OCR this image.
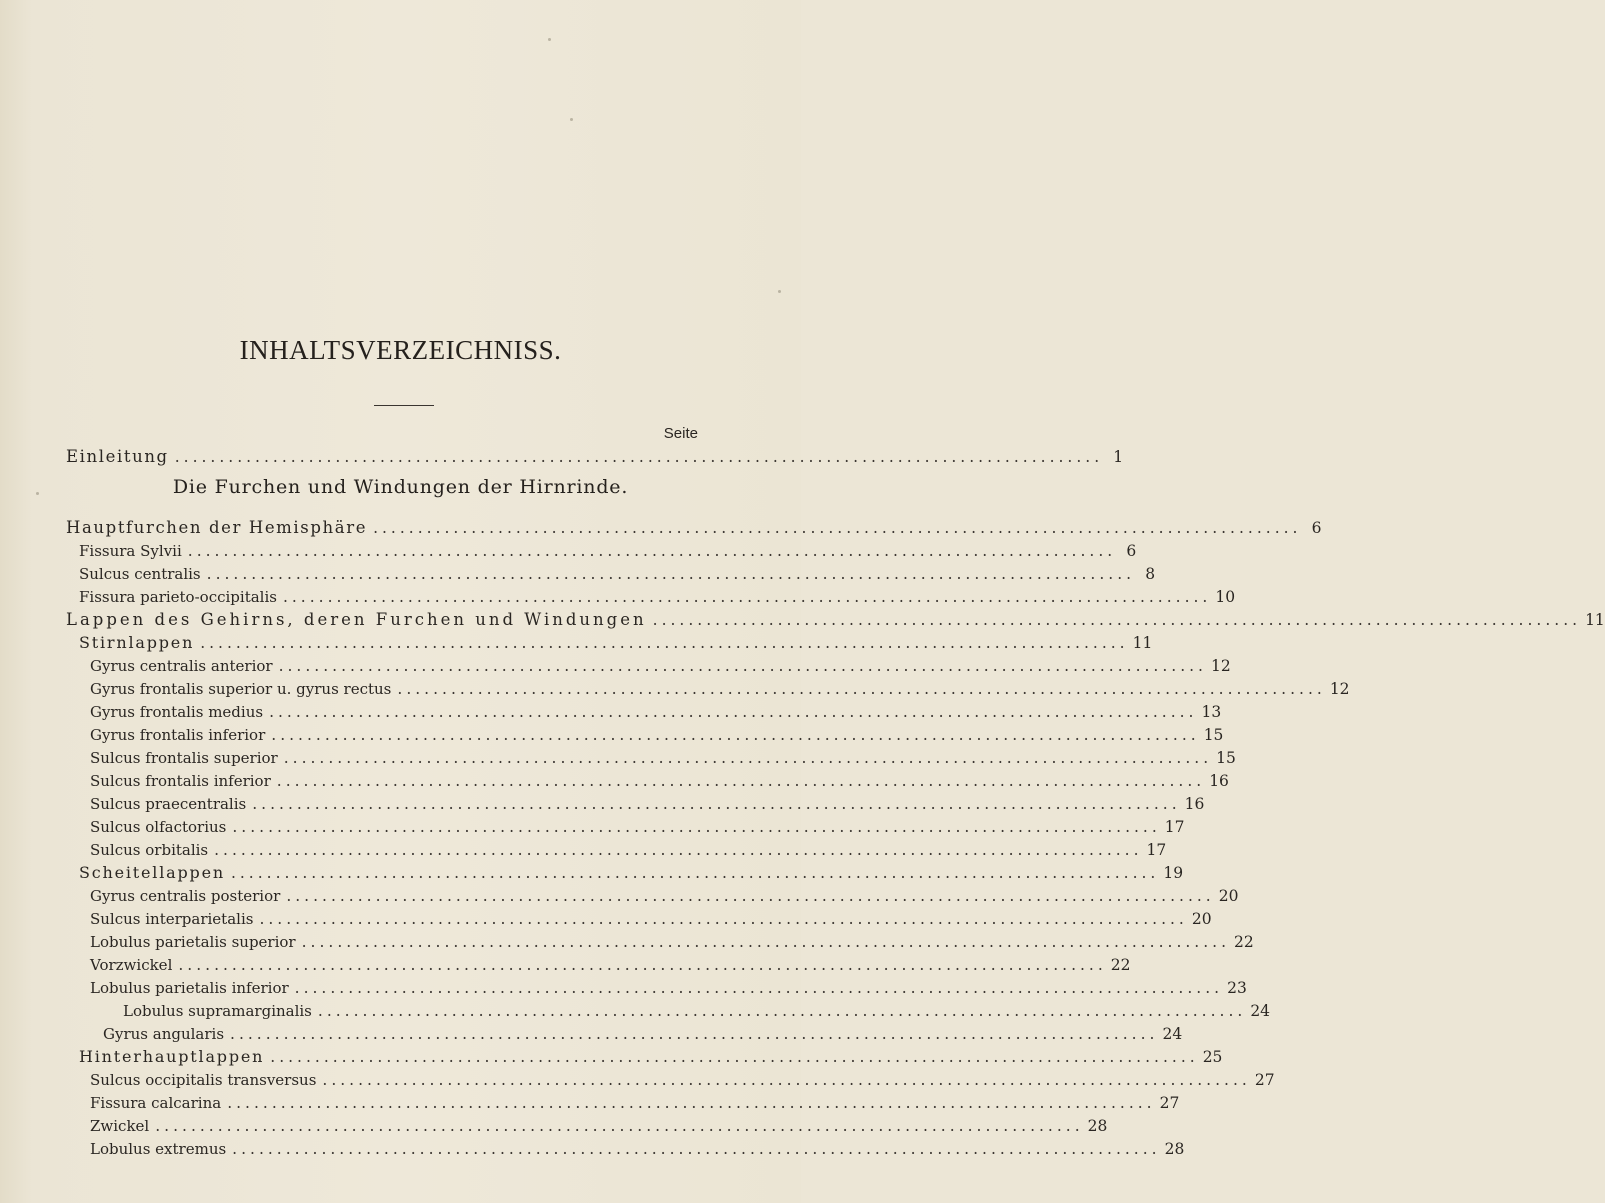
INHALTSVERZEICHNISS.
Seite
Einleitung ........................................................................................................ 1
Die Furchen und Windungen der Hirnrinde.
Hauptfurchen der Hemisphäre ........................................................................................................ 6
Fissura Sylvii ........................................................................................................ 6
Sulcus centralis ........................................................................................................ 8
Fissura parieto-occipitalis ........................................................................................................ 10
Lappen des Gehirns, deren Furchen und Windungen ........................................................................................................ 11
Stirnlappen ........................................................................................................ 11
Gyrus centralis anterior ........................................................................................................ 12
Gyrus frontalis superior u. gyrus rectus ........................................................................................................ 12
Gyrus frontalis medius ........................................................................................................ 13
Gyrus frontalis inferior ........................................................................................................ 15
Sulcus frontalis superior ........................................................................................................ 15
Sulcus frontalis inferior ........................................................................................................ 16
Sulcus praecentralis ........................................................................................................ 16
Sulcus olfactorius ........................................................................................................ 17
Sulcus orbitalis ........................................................................................................ 17
Scheitellappen ........................................................................................................ 19
Gyrus centralis posterior ........................................................................................................ 20
Sulcus interparietalis ........................................................................................................ 20
Lobulus parietalis superior ........................................................................................................ 22
Vorzwickel ........................................................................................................ 22
Lobulus parietalis inferior ........................................................................................................ 23
Lobulus supramarginalis ........................................................................................................ 24
Gyrus angularis ........................................................................................................ 24
Hinterhauptlappen ........................................................................................................ 25
Sulcus occipitalis transversus ........................................................................................................ 27
Fissura calcarina ........................................................................................................ 27
Zwickel ........................................................................................................ 28
Lobulus extremus ........................................................................................................ 28
